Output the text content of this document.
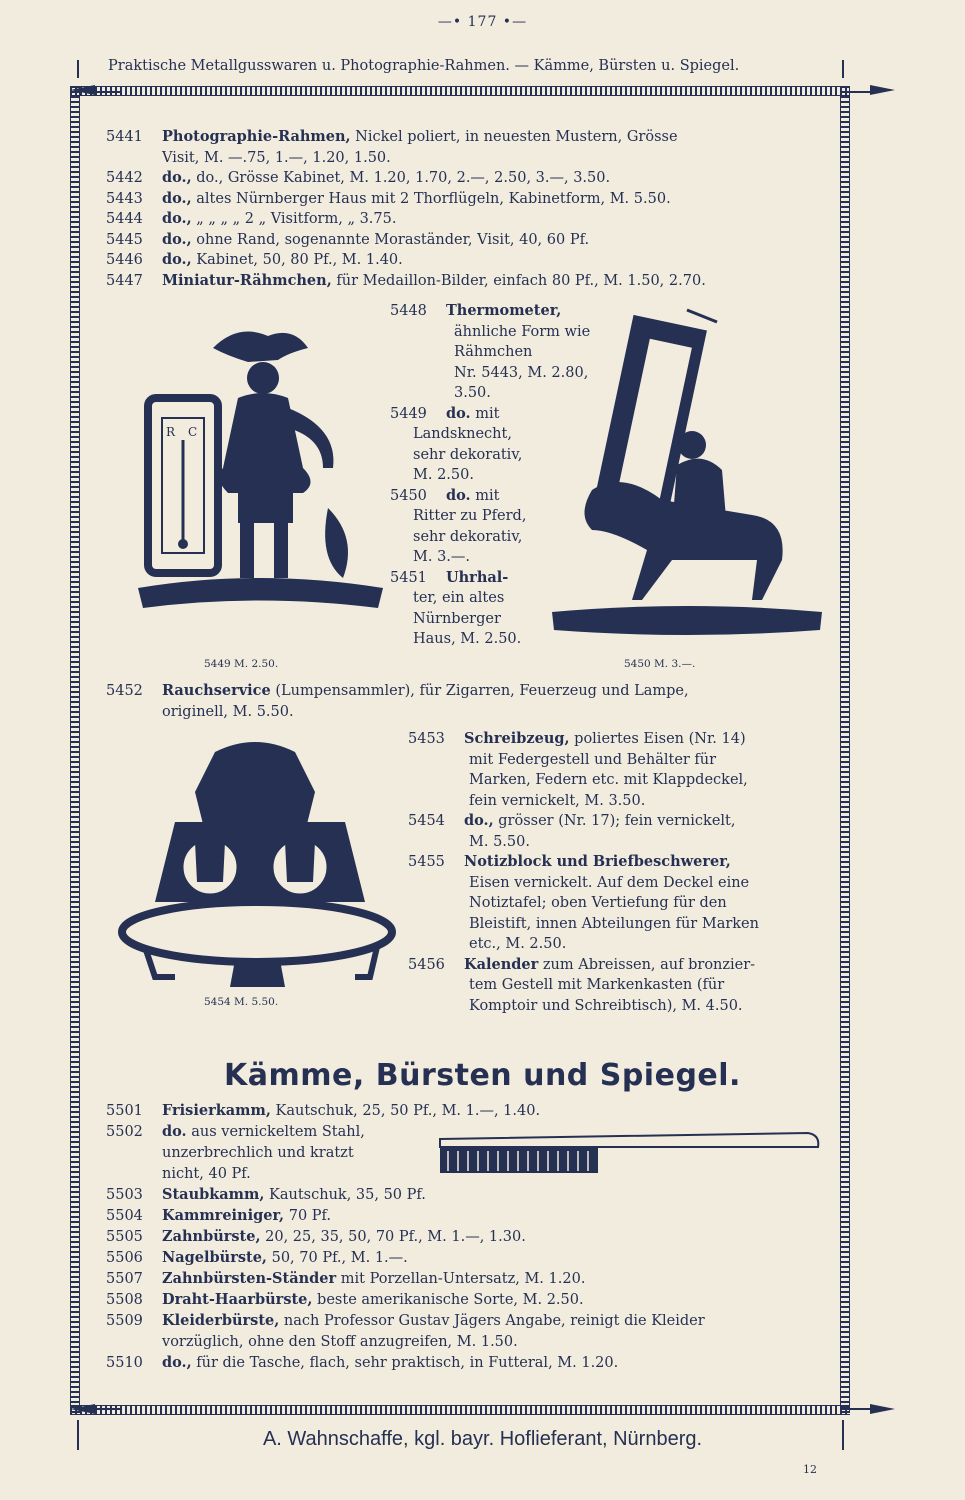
—• 177 •—
Praktische Metallgusswaren u. Photographie-Rahmen. — Kämme, Bürsten u. Spiegel.
5441 Photographie-Rahmen, Nickel poliert, in neuesten Mustern, Grösse
Visit, M. —.75, 1.—, 1.20, 1.50.
5442 do., do., Grösse Kabinet, M. 1.20, 1.70, 2.—, 2.50, 3.—, 3.50.
5443 do., altes Nürnberger Haus mit 2 Thorflügeln, Kabinetform, M. 5.50.
5444 do., „ „ „ „ 2 „ Visitform, „ 3.75.
5445 do., ohne Rand, sogenannte Moraständer, Visit, 40, 60 Pf.
5446 do., Kabinet, 50, 80 Pf., M. 1.40.
5447 Miniatur-Rähmchen, für Medaillon-Bilder, einfach 80 Pf., M. 1.50, 2.70.
5448 Thermometer,
ähnliche Form wie
Rähmchen
Nr. 5443, M. 2.80,
3.50.
5449 do. mit
Landsknecht,
sehr dekorativ,
M. 2.50.
5450 do. mit
Ritter zu Pferd,
sehr dekorativ,
M. 3.—.
5451 Uhrhal-
ter, ein altes
Nürnberger
Haus, M. 2.50.
R C
5449 M. 2.50.	5450 M. 3.—.
5454 M. 5.50.
5452 Rauchservice (Lumpensammler), für Zigarren, Feuerzeug und Lampe,
originell, M. 5.50.
5453 Schreibzeug, poliertes Eisen (Nr. 14)
mit Federgestell und Behälter für
Marken, Federn etc. mit Klappdeckel,
fein vernickelt, M. 3.50.
5454 do., grösser (Nr. 17); fein vernickelt,
M. 5.50.
5455 Notizblock und Briefbeschwerer,
Eisen vernickelt. Auf dem Deckel eine
Notiztafel; oben Vertiefung für den
Bleistift, innen Abteilungen für Marken
etc., M. 2.50.
5456 Kalender zum Abreissen, auf bronzier-
tem Gestell mit Markenkasten (für
Komptoir und Schreibtisch), M. 4.50.
Kämme, Bürsten und Spiegel.
5501 Frisierkamm, Kautschuk, 25, 50 Pf., M. 1.—, 1.40.
5502 do. aus vernickeltem Stahl,
unzerbrechlich und kratzt
nicht, 40 Pf.
5503 Staubkamm, Kautschuk, 35, 50 Pf.
5504 Kammreiniger, 70 Pf.
5505 Zahnbürste, 20, 25, 35, 50, 70 Pf., M. 1.—, 1.30.
5506 Nagelbürste, 50, 70 Pf., M. 1.—.
5507 Zahnbürsten-Ständer mit Porzellan-Untersatz, M. 1.20.
5508 Draht-Haarbürste, beste amerikanische Sorte, M. 2.50.
5509 Kleiderbürste, nach Professor Gustav Jägers Angabe, reinigt die Kleider
vorzüglich, ohne den Stoff anzugreifen, M. 1.50.
5510 do., für die Tasche, flach, sehr praktisch, in Futteral, M. 1.20.
A. Wahnschaffe, kgl. bayr. Hoflieferant, Nürnberg.
12
